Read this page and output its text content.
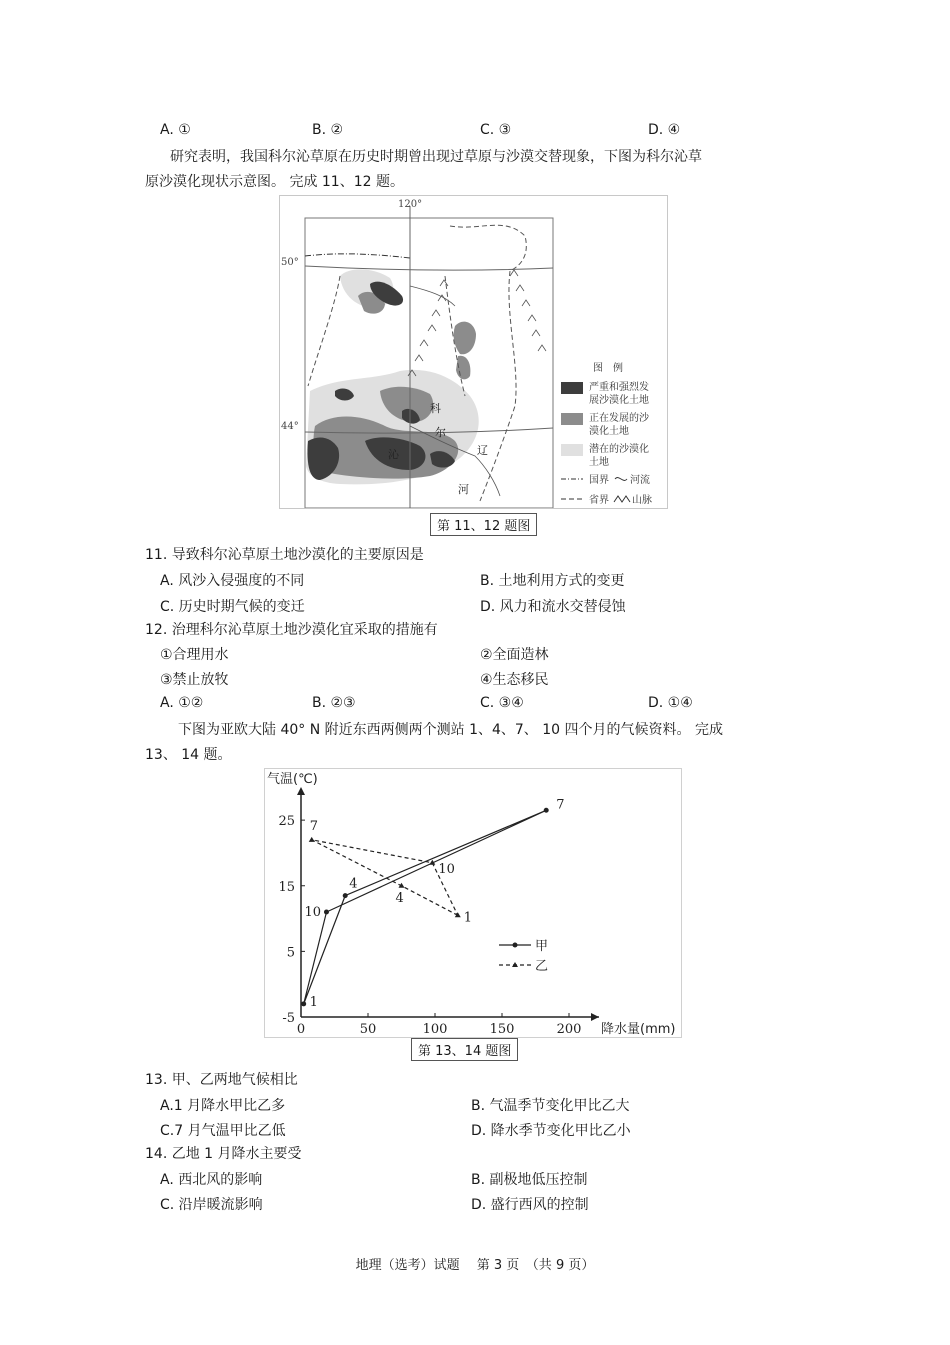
A. ①	B. ②	C. ③	D. ④
研究表明，我国科尔沁草原在历史时期曾出现过草原与沙漠交替现象，下图为科尔沁草
原沙漠化现状示意图。 完成 11、12 题。
50°
44°
120°
科
尔
沁	辽
河
图　例
严重和强烈发
展沙漠化土地
正在发展的沙
漠化土地
潜在的沙漠化
土地
国界 河流
省界 山脉
第 11、12 题图
11. 导致科尔沁草原土地沙漠化的主要原因是
A. 风沙入侵强度的不同	B. 土地利用方式的变更
C. 历史时期气候的变迁	D. 风力和流水交替侵蚀
12. 治理科尔沁草原土地沙漠化宜采取的措施有
①合理用水	②全面造林
③禁止放牧	④生态移民
A. ①②	B. ②③	C. ③④	D. ①④
下图为亚欧大陆 40° N 附近东西两侧两个测站 1、4、7、 10 四个月的气候资料。 完成
13、 14 题。
0	50	100	150	200
-5
5
15
25
气温(℃)
降水量(mm)
1
4
7
10	1
4
7
10
甲
乙
第 13、14 题图
13. 甲、乙两地气候相比
A.1 月降水甲比乙多	B. 气温季节变化甲比乙大
C.7 月气温甲比乙低	D. 降水季节变化甲比乙小
14. 乙地 1 月降水主要受
A. 西北风的影响	B. 副极地低压控制
C. 沿岸暖流影响	D. 盛行西风的控制
地理（选考）试题　 第 3 页　（共 9 页）
